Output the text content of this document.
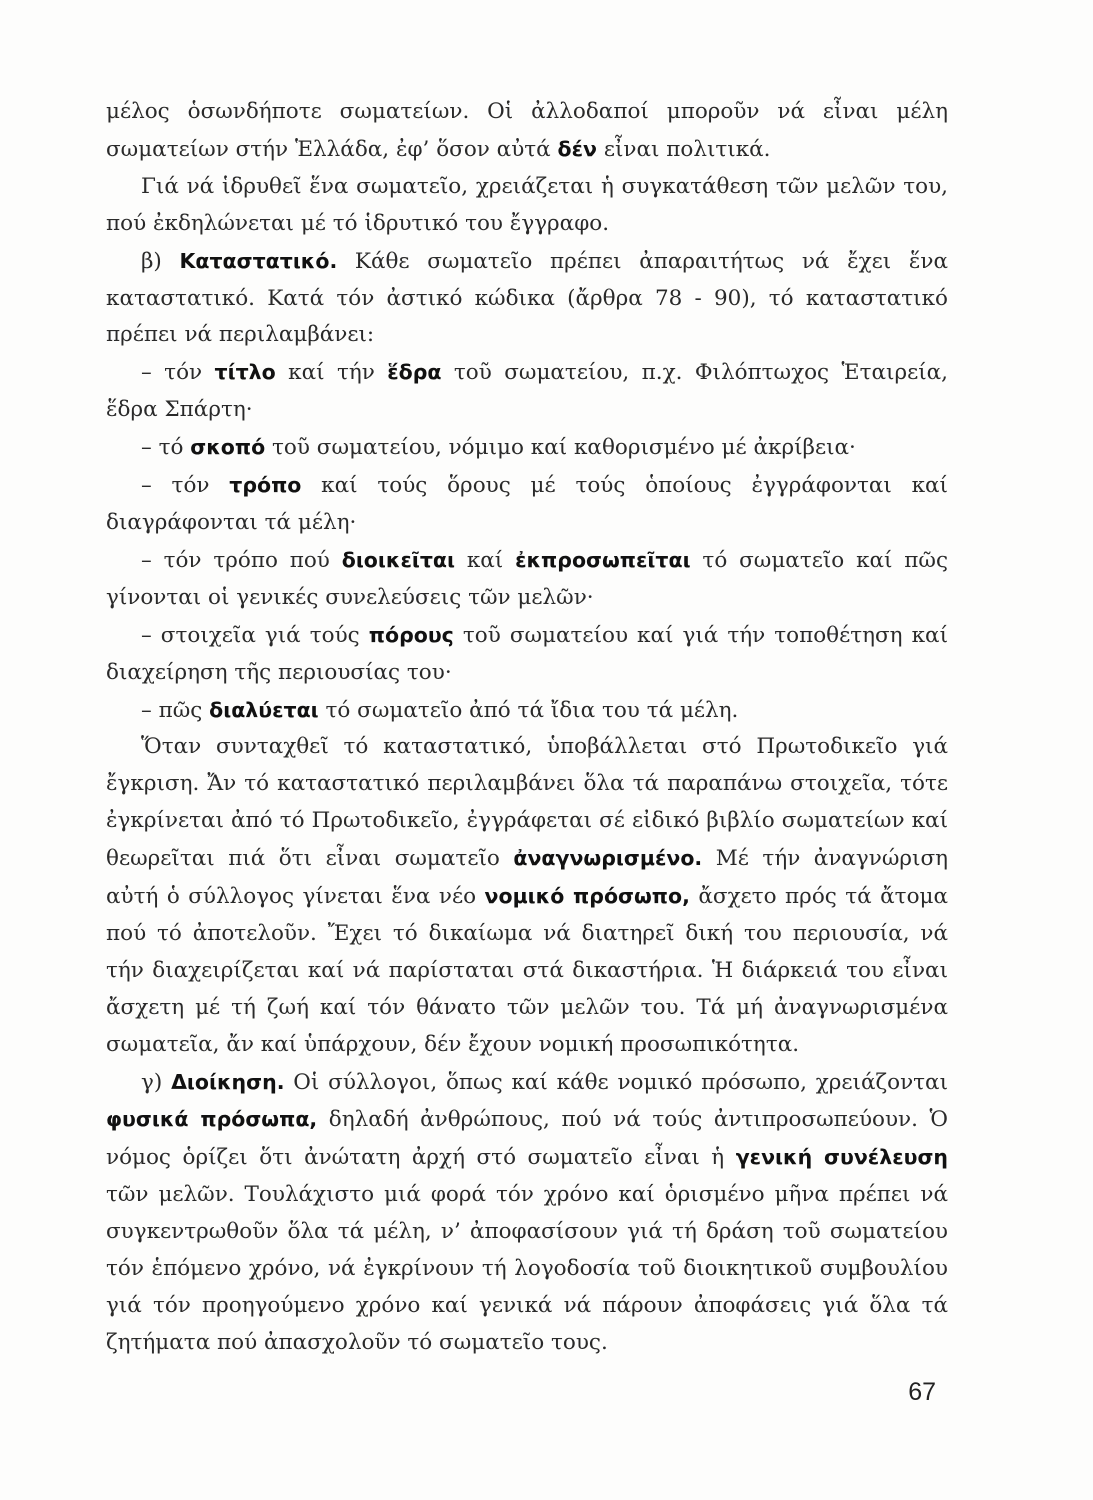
μέλος ὁσωνδήποτε σωματείων. Οἱ ἀλλοδαποί μποροῦν νά εἶναι μέλη σωματείων στήν Ἑλλάδα, ἐφ’ ὅσον αὐτά δέν εἶναι πολιτικά.

Γιά νά ἱδρυθεῖ ἕνα σωματεῖο, χρειάζεται ἡ συγκατάθεση τῶν μελῶν του, πού ἐκδηλώνεται μέ τό ἱδρυτικό του ἔγγραφο.

β) Καταστατικό. Κάθε σωματεῖο πρέπει ἀπαραιτήτως νά ἔχει ἕνα καταστατικό. Κατά τόν ἀστικό κώδικα (ἄρθρα 78 - 90), τό καταστατικό πρέπει νά περιλαμβάνει:

– τόν τίτλο καί τήν ἕδρα τοῦ σωματείου, π.χ. Φιλόπτωχος Ἑταιρεία, ἕδρα Σπάρτη·

– τό σκοπό τοῦ σωματείου, νόμιμο καί καθορισμένο μέ ἀκρίβεια·

– τόν τρόπο καί τούς ὅρους μέ τούς ὁποίους ἐγγράφονται καί διαγράφονται τά μέλη·

– τόν τρόπο πού διοικεῖται καί ἐκπροσωπεῖται τό σωματεῖο καί πῶς γίνονται οἱ γενικές συνελεύσεις τῶν μελῶν·

– στοιχεῖα γιά τούς πόρους τοῦ σωματείου καί γιά τήν τοποθέτηση καί διαχείρηση τῆς περιουσίας του·

– πῶς διαλύεται τό σωματεῖο ἀπό τά ἴδια του τά μέλη.

Ὅταν συνταχθεῖ τό καταστατικό, ὑποβάλλεται στό Πρωτοδικεῖο γιά ἔγκριση. Ἄν τό καταστατικό περιλαμβάνει ὅλα τά παραπάνω στοιχεῖα, τότε ἐγκρίνεται ἀπό τό Πρωτοδικεῖο, ἐγγράφεται σέ εἰδικό βιβλίο σωματείων καί θεωρεῖται πιά ὅτι εἶναι σωματεῖο ἀναγνωρισμένο. Μέ τήν ἀναγνώριση αὐτή ὁ σύλλογος γίνεται ἕνα νέο νομικό πρόσωπο, ἄσχετο πρός τά ἄτομα πού τό ἀποτελοῦν. Ἔχει τό δικαίωμα νά διατηρεῖ δική του περιουσία, νά τήν διαχειρίζεται καί νά παρίσταται στά δικαστήρια. Ἡ διάρκειά του εἶναι ἄσχετη μέ τή ζωή καί τόν θάνατο τῶν μελῶν του. Τά μή ἀναγνωρισμένα σωματεῖα, ἄν καί ὑπάρχουν, δέν ἔχουν νομική προσωπικότητα.

γ) Διοίκηση. Οἱ σύλλογοι, ὅπως καί κάθε νομικό πρόσωπο, χρειάζονται φυσικά πρόσωπα, δηλαδή ἀνθρώπους, πού νά τούς ἀντιπροσωπεύουν. Ὁ νόμος ὁρίζει ὅτι ἀνώτατη ἀρχή στό σωματεῖο εἶναι ἡ γενική συνέλευση τῶν μελῶν. Τουλάχιστο μιά φορά τόν χρόνο καί ὁρισμένο μῆνα πρέπει νά συγκεντρωθοῦν ὅλα τά μέλη, ν’ ἀποφασίσουν γιά τή δράση τοῦ σωματείου τόν ἑπόμενο χρόνο, νά ἐγκρίνουν τή λογοδοσία τοῦ διοικητικοῦ συμβουλίου γιά τόν προηγούμενο χρόνο καί γενικά νά πάρουν ἀποφάσεις γιά ὅλα τά ζητήματα πού ἀπασχολοῦν τό σωματεῖο τους.

67
